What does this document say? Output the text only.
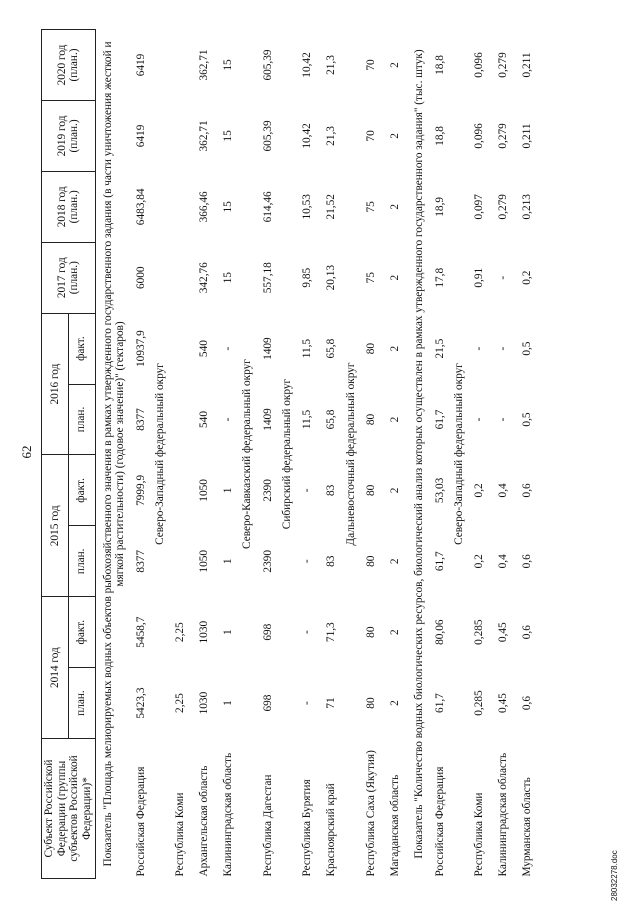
62
Субъект Российской Федерации (группы субъектов Российской Федерации)*	2014 год		2015 год		2016 год		2017 год (план.)	2018 год (план.)	2019 год (план.)	2020 год (план.)
	план.	факт.	план.	факт.	план.	факт.				
Показатель "Площадь мелиорируемых водных объектов рыбохозяйственного значения в рамках утвержденного государственного задания (в части уничтожения жесткой и мягкой растительности) (годовое значение)" (гектаров)										
Российская Федерация	5423,3	5458,7	8377	7999,9	8377	10937,9	6000	6483,84	6419	6419
Северо-Западный федеральный округ										
Республика Коми	2,25	2,25								
Архангельская область	1030	1030	1050	1050	540	540	342,76	366,46	362,71	362,71
Калининградская область	1	1	1	1	-	-	15	15	15	15
Северо-Кавказский федеральный округ										
Республика Дагестан	698	698	2390	2390	1409	1409	557,18	614,46	605,39	605,39
Сибирский федеральный округ										
Республика Бурятия	-	-	-	-	11,5	11,5	9,85	10,53	10,42	10,42
Красноярский край	71	71,3	83	83	65,8	65,8	20,13	21,52	21,3	21,3
Дальневосточный федеральный округ										
Республика Саха (Якутия)	80	80	80	80	80	80	75	75	70	70
Магаданская область	2	2	2	2	2	2	2	2	2	2
Показатель "Количество водных биологических ресурсов, биологический анализ которых осуществлен в рамках утвержденного государственного задания" (тыс. штук)										
Российская Федерация	61,7	80,06	61,7	53,03	61,7	21,5	17,8	18,9	18,8	18,8
Северо-Западный федеральный округ										
Республика Коми	0,285	0,285	0,2	0,2	-	-	0,91	0,097	0,096	0,096
Калининградская область	0,45	0,45	0,4	0,4	-	-	-	0,279	0,279	0,279
Мурманская область	0,6	0,6	0,6	0,6	0,5	0,5	0,2	0,213	0,211	0,211
28032278.doc
